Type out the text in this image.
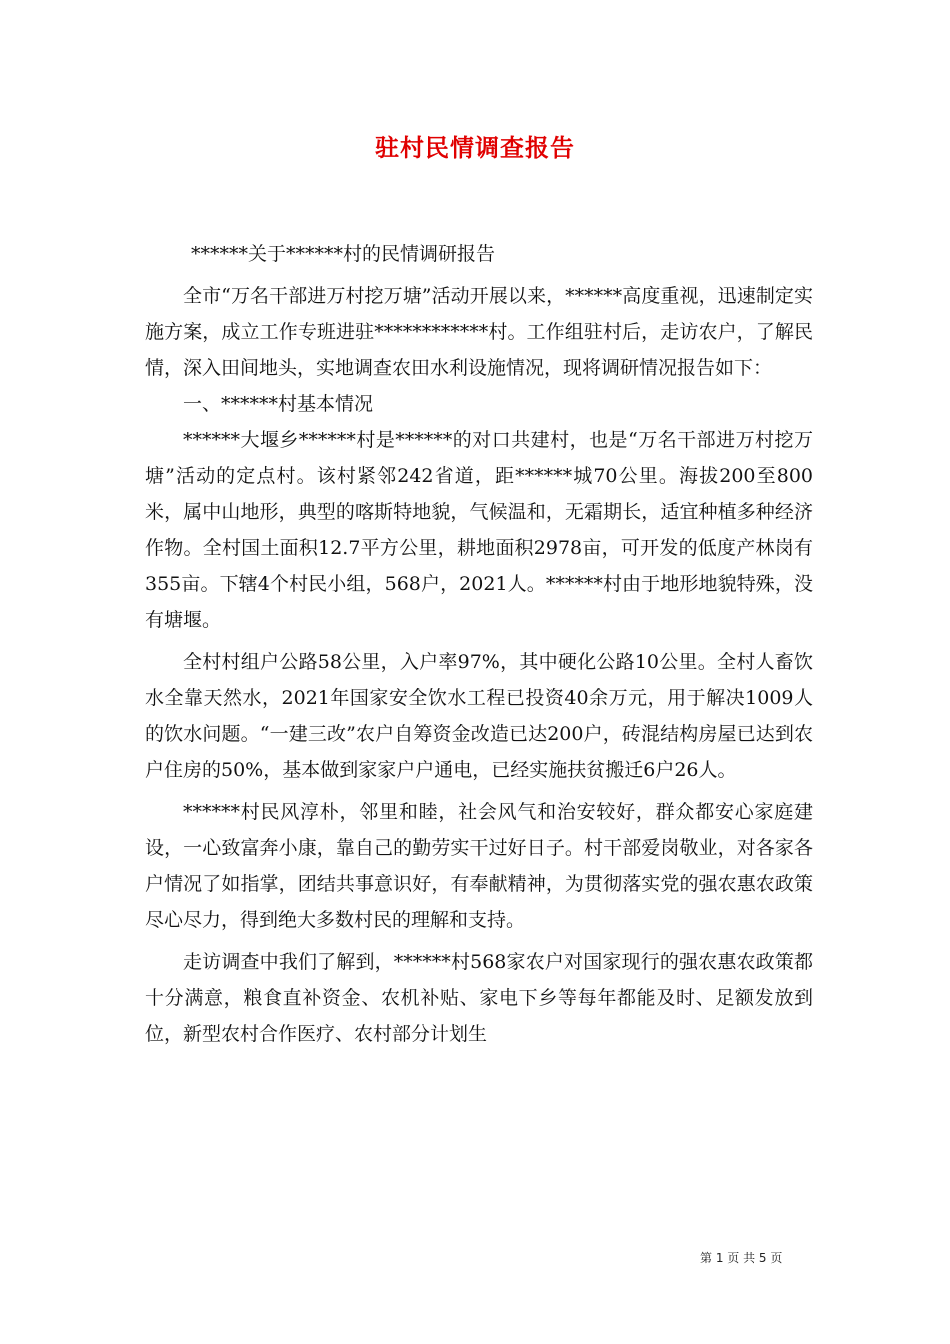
驻村民情调查报告

******关于******村的民情调研报告

全市“万名干部进万村挖万塘”活动开展以来，******高度重视，迅速制定实施方案，成立工作专班进驻************村。工作组驻村后，走访农户，了解民情，深入田间地头，实地调查农田水利设施情况，现将调研情况报告如下：

一、******村基本情况

******大堰乡******村是******的对口共建村，也是“万名干部进万村挖万塘”活动的定点村。该村紧邻242省道，距******城70公里。海拔200至800米，属中山地形，典型的喀斯特地貌，气候温和，无霜期长，适宜种植多种经济作物。全村国土面积12.7平方公里，耕地面积2978亩，可开发的低度产林岗有355亩。下辖4个村民小组，568户，2021人。******村由于地形地貌特殊，没有塘堰。

全村村组户公路58公里，入户率97%，其中硬化公路10公里。全村人畜饮水全靠天然水，2021年国家安全饮水工程已投资40余万元，用于解决1009人的饮水问题。“一建三改”农户自筹资金改造已达200户，砖混结构房屋已达到农户住房的50%，基本做到家家户户通电，已经实施扶贫搬迁6户26人。

******村民风淳朴，邻里和睦，社会风气和治安较好，群众都安心家庭建设，一心致富奔小康，靠自己的勤劳实干过好日子。村干部爱岗敬业，对各家各户情况了如指掌，团结共事意识好，有奉献精神，为贯彻落实党的强农惠农政策尽心尽力，得到绝大多数村民的理解和支持。

走访调查中我们了解到，******村568家农户对国家现行的强农惠农政策都十分满意，粮食直补资金、农机补贴、家电下乡等每年都能及时、足额发放到位，新型农村合作医疗、农村部分计划生

第 1 页 共 5 页
